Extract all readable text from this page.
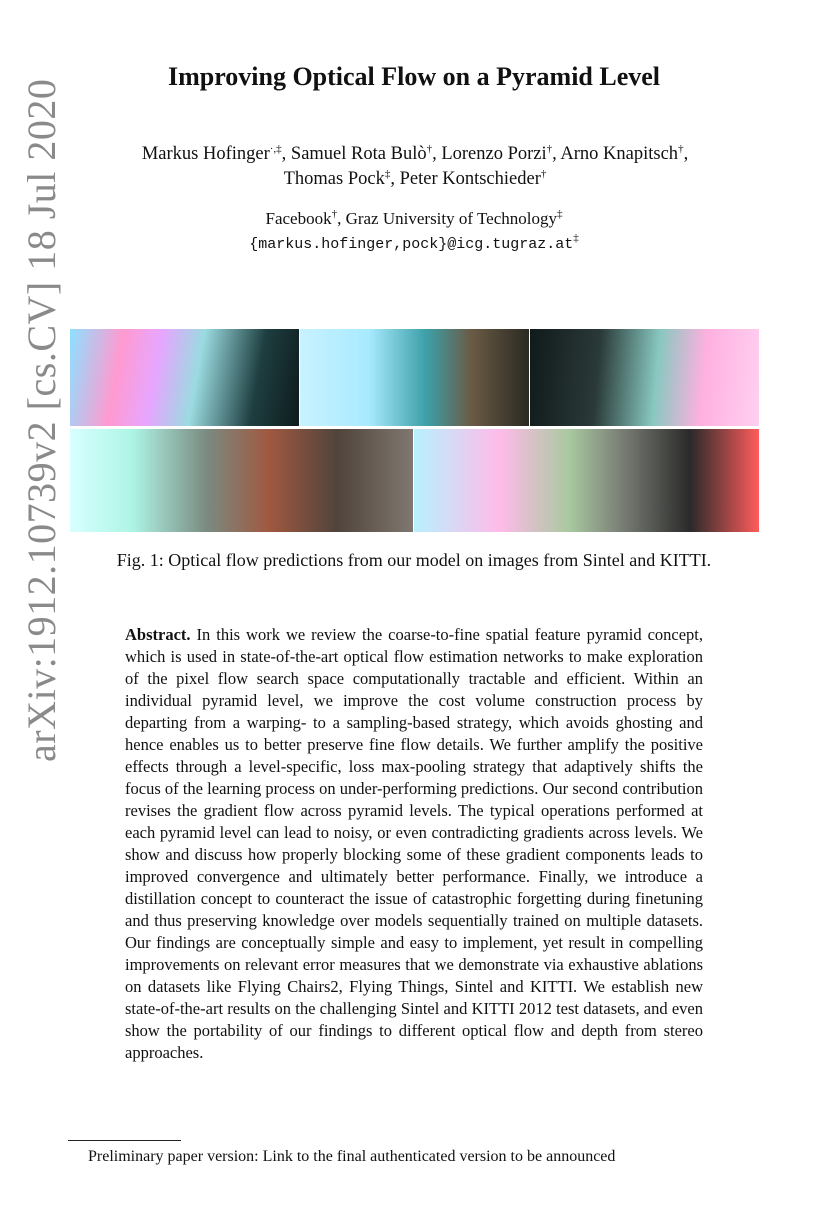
arXiv:1912.10739v2 [cs.CV] 18 Jul 2020
Improving Optical Flow on a Pyramid Level
Markus Hofinger·,‡, Samuel Rota Bulò†, Lorenzo Porzi†, Arno Knapitsch†,
Thomas Pock‡, Peter Kontschieder†
Facebook†, Graz University of Technology‡
{markus.hofinger,pock}@icg.tugraz.at‡
Fig. 1: Optical flow predictions from our model on images from Sintel and KITTI.
Abstract. In this work we review the coarse-to-fine spatial feature pyramid concept, which is used in state-of-the-art optical flow estimation networks to make exploration of the pixel flow search space computationally tractable and efficient. Within an individual pyramid level, we improve the cost volume construction process by departing from a warping- to a sampling-based strategy, which avoids ghosting and hence enables us to better preserve fine flow details. We further amplify the positive effects through a level-specific, loss max-pooling strategy that adaptively shifts the focus of the learning process on under-performing predictions. Our second contribution revises the gradient flow across pyramid levels. The typical operations performed at each pyramid level can lead to noisy, or even contradicting gradients across levels. We show and discuss how properly blocking some of these gradient components leads to improved convergence and ultimately better performance. Finally, we introduce a distillation concept to counteract the issue of catastrophic forgetting during finetuning and thus preserving knowledge over models sequentially trained on multiple datasets. Our findings are conceptually simple and easy to implement, yet result in compelling improvements on relevant error measures that we demonstrate via exhaustive ablations on datasets like Flying Chairs2, Flying Things, Sintel and KITTI. We establish new state-of-the-art results on the challenging Sintel and KITTI 2012 test datasets, and even show the portability of our findings to different optical flow and depth from stereo approaches.
Preliminary paper version: Link to the final authenticated version to be announced
